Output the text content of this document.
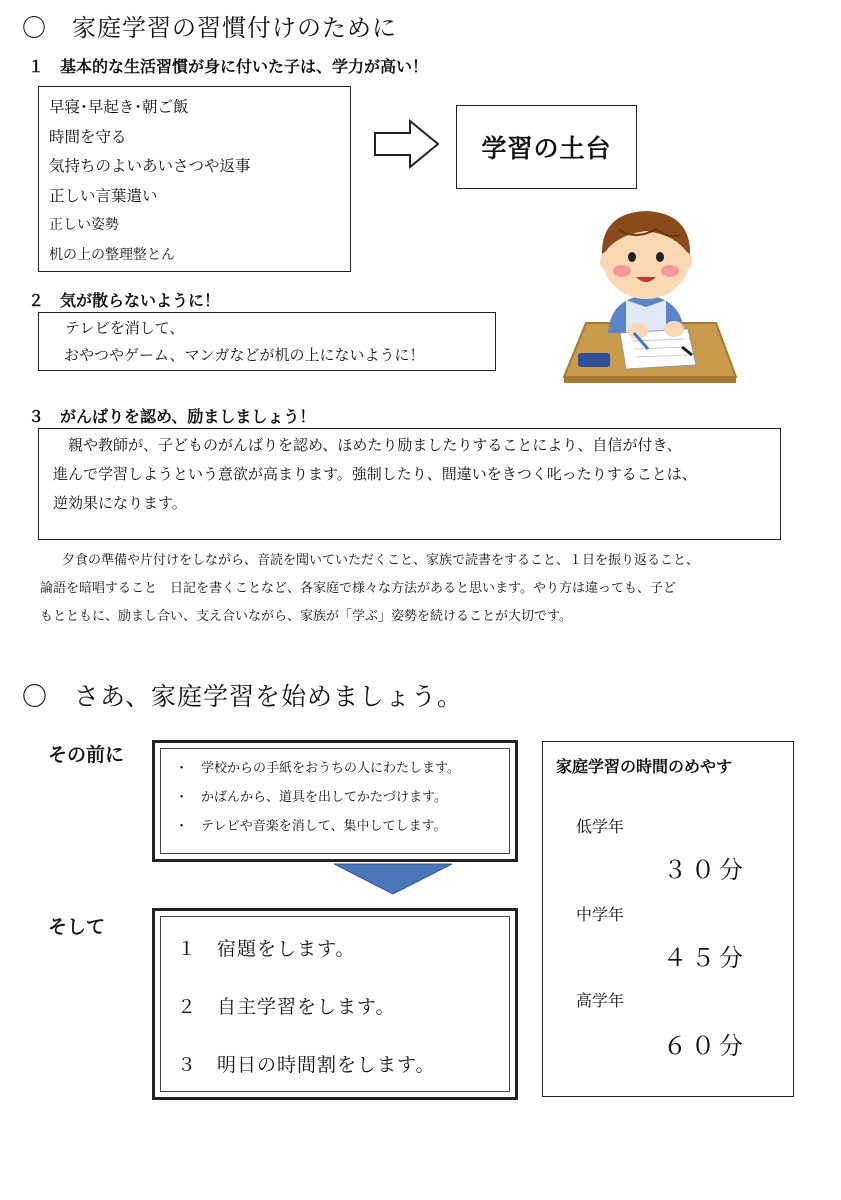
〇　家庭学習の習慣付けのために
１　基本的な生活習慣が身に付いた子は、学力が高い！

早寝･早起き･朝ご飯

時間を守る

気持ちのよいあいさつや返事

正しい言葉遣い

正しい姿勢

机の上の整理整とん

学習の土台
２　気が散らないように！

テレビを消して、

おやつやゲーム、マンガなどが机の上にないように！

３　がんばりを認め、励ましましょう！

親や教師が、子どものがんばりを認め、ほめたり励ましたりすることにより、自信が付き、

進んで学習しようという意欲が高まります。強制したり、間違いをきつく叱ったりすることは、

逆効果になります。

夕食の準備や片付けをしながら、音読を聞いていただくこと、家族で読書をすること、１日を振り返ること、
論語を暗唱すること　日記を書くことなど、各家庭で様々な方法があると思います。やり方は違っても、子ど
もとともに、励まし合い、支え合いながら、家族が「学ぶ」姿勢を続けることが大切です。
〇　さあ、家庭学習を始めましょう。
その前に

・　学校からの手紙をおうちの人にわたします。

・　かばんから、道具を出してかたづけます。

・　テレビや音楽を消して、集中してします。

そして

１　宿題をします。

２　自主学習をします。

３　明日の時間割をします。

家庭学習の時間のめやす
低学年
３０分
中学年
４５分
高学年
６０分
